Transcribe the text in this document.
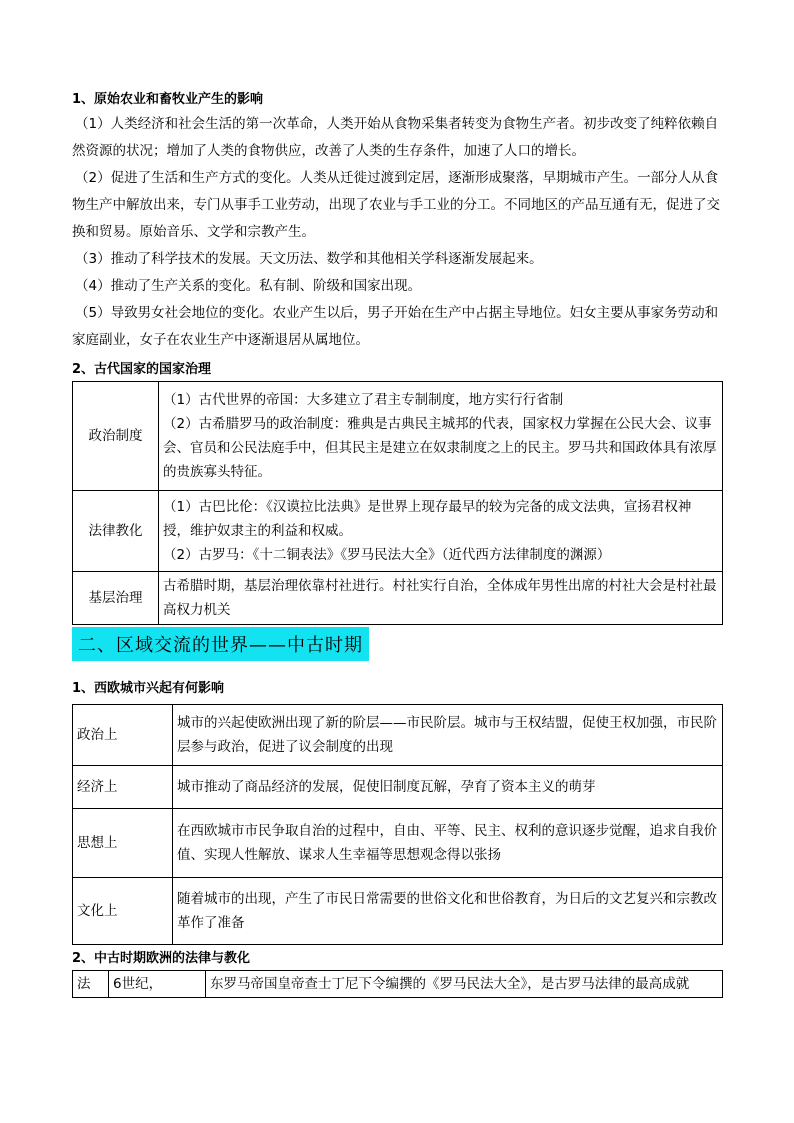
1、原始农业和畜牧业产生的影响

（1）人类经济和社会生活的第一次革命，人类开始从食物采集者转变为食物生产者。初步改变了纯粹依赖自然资源的状况；增加了人类的食物供应，改善了人类的生存条件，加速了人口的增长。

（2）促进了生活和生产方式的变化。人类从迁徙过渡到定居，逐渐形成聚落，早期城市产生。一部分人从食物生产中解放出来，专门从事手工业劳动，出现了农业与手工业的分工。不同地区的产品互通有无，促进了交换和贸易。原始音乐、文学和宗教产生。

（3）推动了科学技术的发展。天文历法、数学和其他相关学科逐渐发展起来。

（4）推动了生产关系的变化。私有制、阶级和国家出现。

（5）导致男女社会地位的变化。农业产生以后，男子开始在生产中占据主导地位。妇女主要从事家务劳动和家庭副业，女子在农业生产中逐渐退居从属地位。

2、古代国家的国家治理

政治制度	（1）古代世界的帝国：大多建立了君主专制制度，地方实行行省制
（2）古希腊罗马的政治制度：雅典是古典民主城邦的代表，国家权力掌握在公民大会、议事会、官员和公民法庭手中，但其民主是建立在奴隶制度之上的民主。罗马共和国政体具有浓厚的贵族寡头特征。

法律教化	（1）古巴比伦：《汉谟拉比法典》是世界上现存最早的较为完备的成文法典，宣扬君权神授，维护奴隶主的利益和权威。
（2）古罗马：《十二铜表法》《罗马民法大全》（近代西方法律制度的渊源）

基层治理	古希腊时期，基层治理依靠村社进行。村社实行自治，全体成年男性出席的村社大会是村社最高权力机关
二、区域交流的世界——中古时期

1、西欧城市兴起有何影响

政治上	城市的兴起使欧洲出现了新的阶层——市民阶层。城市与王权结盟，促使王权加强，市民阶层参与政治，促进了议会制度的出现
经济上	城市推动了商品经济的发展，促使旧制度瓦解，孕育了资本主义的萌芽
思想上	在西欧城市市民争取自治的过程中，自由、平等、民主、权利的意识逐步觉醒，追求自我价值、实现人性解放、谋求人生幸福等思想观念得以张扬
文化上	随着城市的出现，产生了市民日常需要的世俗文化和世俗教育，为日后的文艺复兴和宗教改革作了准备

2、中古时期欧洲的法律与教化

法	6世纪，	东罗马帝国皇帝查士丁尼下令编撰的《罗马民法大全》，是古罗马法律的最高成就
